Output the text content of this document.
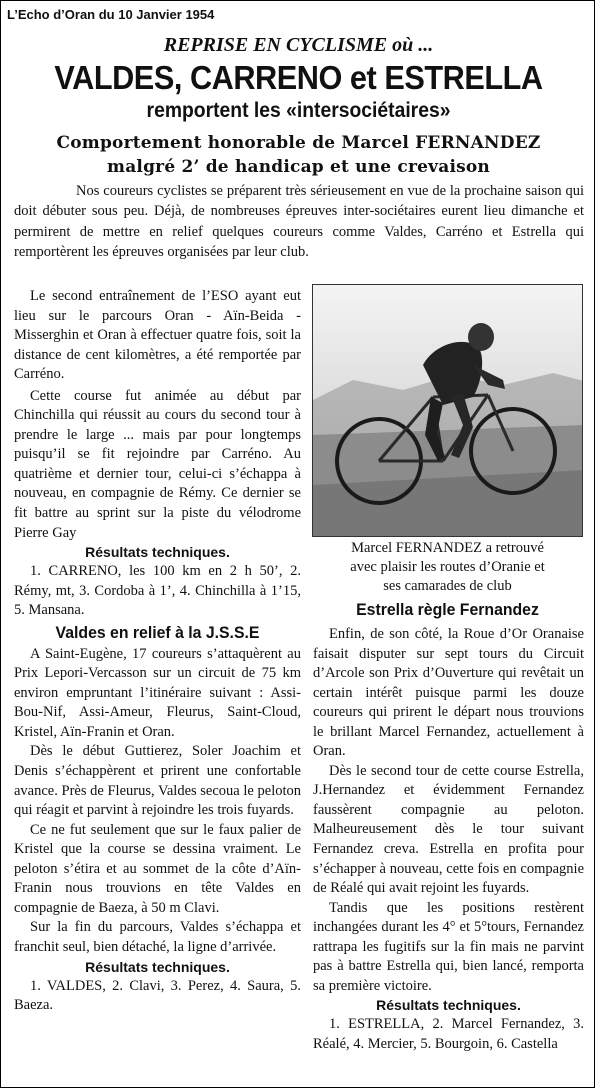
L’Echo d’Oran du 10 Janvier 1954
REPRISE EN CYCLISME où ...
VALDES, CARRENO et ESTRELLA
remportent les «intersociétaires»
Comportement honorable de Marcel FERNANDEZ
malgré 2’ de handicap et une crevaison

Nos coureurs cyclistes se préparent très sérieusement en vue de la prochaine saison qui doit débuter sous peu. Déjà, de nombreuses épreuves inter-sociétaires eurent lieu dimanche et permirent de mettre en relief quelques coureurs comme Valdes, Carréno et Estrella qui remportèrent les épreuves organisées par leur club.

Le second entraînement de l’ESO ayant eut lieu sur le parcours Oran - Aïn-Beida - Misserghin et Oran à effectuer quatre fois, soit la distance de cent kilomètres, a été remportée par Carréno.

Cette course fut animée au début par Chinchilla qui réussit au cours du second tour à prendre le large ... mais par pour longtemps puisqu’il se fit rejoindre par Carréno. Au quatrième et dernier tour, celui-ci s’échappa à nouveau, en compagnie de Rémy. Ce dernier se fit battre au sprint sur la piste du vélodrome Pierre Gay

Résultats techniques.

1. CARRENO, les 100 km en 2 h 50’, 2. Rémy, mt, 3. Cordoba à 1’, 4. Chinchilla à 1’15, 5. Mansana.

Valdes en relief à la J.S.S.E

A Saint-Eugène, 17 coureurs s’attaquèrent au Prix Lepori-Vercasson sur un circuit de 75 km environ empruntant l’itinéraire suivant : Assi-Bou-Nif, Assi-Ameur, Fleurus, Saint-Cloud, Kristel, Aïn-Franin et Oran.

Dès le début Guttierez, Soler Joachim et Denis s’échappèrent et prirent une confortable avance. Près de Fleurus, Valdes secoua le peloton qui réagit et parvint à rejoindre les trois fuyards.

Ce ne fut seulement que sur le faux palier de Kristel que la course se dessina vraiment. Le peloton s’étira et au sommet de la côte d’Aïn-Franin nous trouvions en tête Valdes en compagnie de Baeza, à 50 m Clavi.

Sur la fin du parcours, Valdes s’échappa et franchit seul, bien détaché, la ligne d’arrivée.

Résultats techniques.

1. VALDES, 2. Clavi, 3. Perez, 4. Saura, 5. Baeza.

Marcel FERNANDEZ a retrouvé
avec plaisir les routes d’Oranie et
ses camarades de club
Estrella règle Fernandez

Enfin, de son côté, la Roue d’Or Oranaise faisait disputer sur sept tours du Circuit d’Arcole son Prix d’Ouverture qui revêtait un certain intérêt puisque parmi les douze coureurs qui prirent le départ nous trouvions le brillant Marcel Fernandez, actuellement à Oran.

Dès le second tour de cette course Estrella, J.Hernandez et évidemment Fernandez faussèrent compagnie au peloton. Malheureusement dès le tour suivant Fernandez creva. Estrella en profita pour s’échapper à nouveau, cette fois en compagnie de Réalé qui avait rejoint les fuyards.

Tandis que les positions restèrent inchangées durant les 4° et 5°tours, Fernandez rattrapa les fugitifs sur la fin mais ne parvint pas à battre Estrella qui, bien lancé, remporta sa première victoire.

Résultats techniques.

1. ESTRELLA, 2. Marcel Fernandez, 3. Réalé, 4. Mercier, 5. Bourgoin, 6. Castella
